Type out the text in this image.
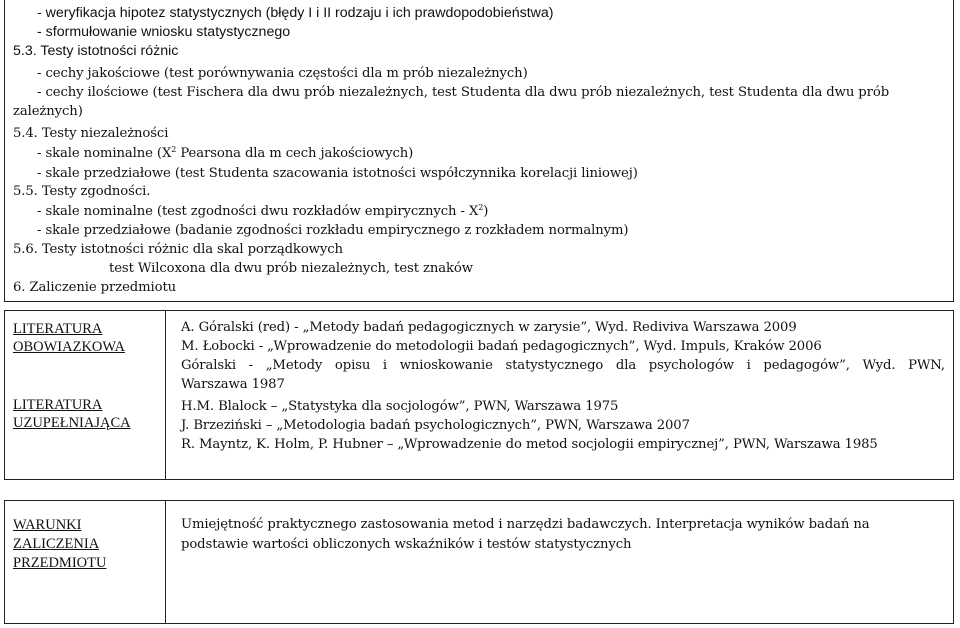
- weryfikacja hipotez statystycznych (błędy I i II rodzaju i ich prawdopodobieństwa)
- sformułowanie wniosku statystycznego
5.3. Testy istotności różnic
- cechy jakościowe (test porównywania częstości dla m prób niezależnych)
- cechy ilościowe (test Fischera dla dwu prób niezależnych, test Studenta dla dwu prób niezależnych, test Studenta dla dwu prób
zależnych)
5.4. Testy niezależności
- skale nominalne ($X^2$ Pearsona dla m cech jakościowych)
- skale przedziałowe (test Studenta szacowania istotności współczynnika korelacji liniowej)
5.5. Testy zgodności.
- skale nominalne (test zgodności dwu rozkładów empirycznych - $X^2$)
- skale przedziałowe (badanie zgodności rozkładu empirycznego z rozkładem normalnym)
5.6. Testy istotności różnic dla skal porządkowych
test Wilcoxona dla dwu prób niezależnych, test znaków
6. Zaliczenie przedmiotu
LITERATURA
OBOWIAZKOWA
LITERATURA
UZUPEŁNIAJĄCA
A. Góralski (red) - „Metody badań pedagogicznych w zarysie”, Wyd. Rediviva Warszawa 2009
M. Łobocki - „Wprowadzenie do metodologii badań pedagogicznych”, Wyd. Impuls, Kraków 2006
Góralski - „Metody opisu i wnioskowanie statystycznego dla psychologów i pedagogów”, Wyd. PWN,
Warszawa 1987
H.M. Blalock – „Statystyka dla socjologów”, PWN, Warszawa 1975
J. Brzeziński – „Metodologia badań psychologicznych”, PWN, Warszawa 2007
R. Mayntz, K. Holm, P. Hubner – „Wprowadzenie do metod socjologii empirycznej”, PWN, Warszawa 1985
WARUNKI
ZALICZENIA
PRZEDMIOTU
Umiejętność praktycznego zastosowania metod i narzędzi badawczych. Interpretacja wyników badań na
podstawie wartości obliczonych wskaźników i testów statystycznych
